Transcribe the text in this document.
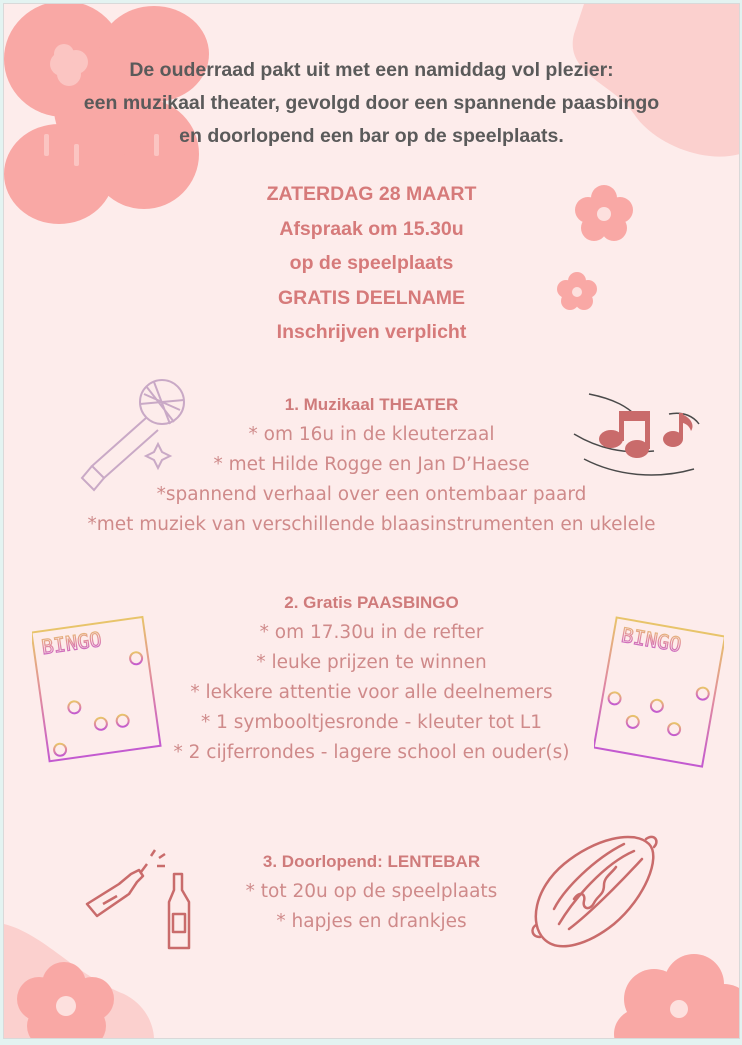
De ouderraad pakt uit met een namiddag vol plezier:
een muzikaal theater, gevolgd door een spannende paasbingo
en doorlopend een bar op de speelplaats.
ZATERDAG 28 MAART
Afspraak om 15.30u
op de speelplaats
GRATIS DEELNAME
Inschrijven verplicht
1. Muzikaal THEATER
* om 16u in de kleuterzaal
* met Hilde Rogge en Jan D’Haese
*spannend verhaal over een ontembaar paard
*met muziek van verschillende blaasinstrumenten en ukelele
2. Gratis PAASBINGO
* om 17.30u in de refter
* leuke prijzen te winnen
* lekkere attentie voor alle deelnemers
* 1 symbooltjesronde - kleuter tot L1
* 2 cijferrondes - lagere school en ouder(s)
BINGO	BINGO
3. Doorlopend: LENTEBAR
* tot 20u op de speelplaats
* hapjes en drankjes
